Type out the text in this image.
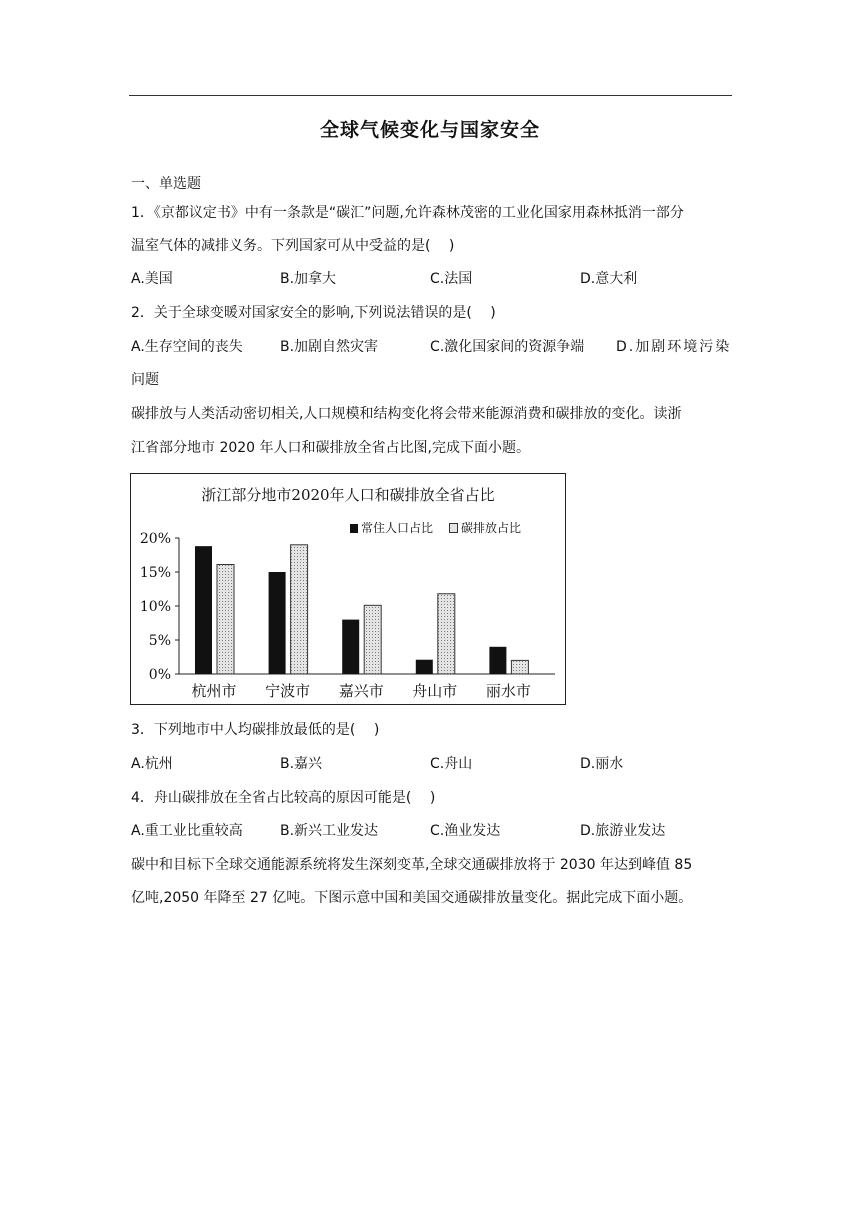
全球气候变化与国家安全
一、单选题
1．《京都议定书》中有一条款是“碳汇”问题,允许森林茂密的工业化国家用森林抵消一部分
温室气体的减排义务。下列国家可从中受益的是(　 )
A.美国	B.加拿大	C.法国	D.意大利
2．关于全球变暖对国家安全的影响,下列说法错误的是(　 )
A.生存空间的丧失	B.加剧自然灾害	C.激化国家间的资源争端 D.加剧环境污染
问题
碳排放与人类活动密切相关,人口规模和结构变化将会带来能源消费和碳排放的变化。读浙
江省部分地市 2020 年人口和碳排放全省占比图,完成下面小题。
0%
5%
10%
15%
20%
杭州市 宁波市 嘉兴市 舟山市 丽水市
浙江部分地市2020年人口和碳排放全省占比
常住人口占比 碳排放占比
3．下列地市中人均碳排放最低的是(　 )
A.杭州	B.嘉兴	C.舟山	D.丽水
4．舟山碳排放在全省占比较高的原因可能是(　 )
A.重工业比重较高	B.新兴工业发达	C.渔业发达	D.旅游业发达
碳中和目标下全球交通能源系统将发生深刻变革,全球交通碳排放将于 2030 年达到峰值 85
亿吨,2050 年降至 27 亿吨。下图示意中国和美国交通碳排放量变化。据此完成下面小题。
